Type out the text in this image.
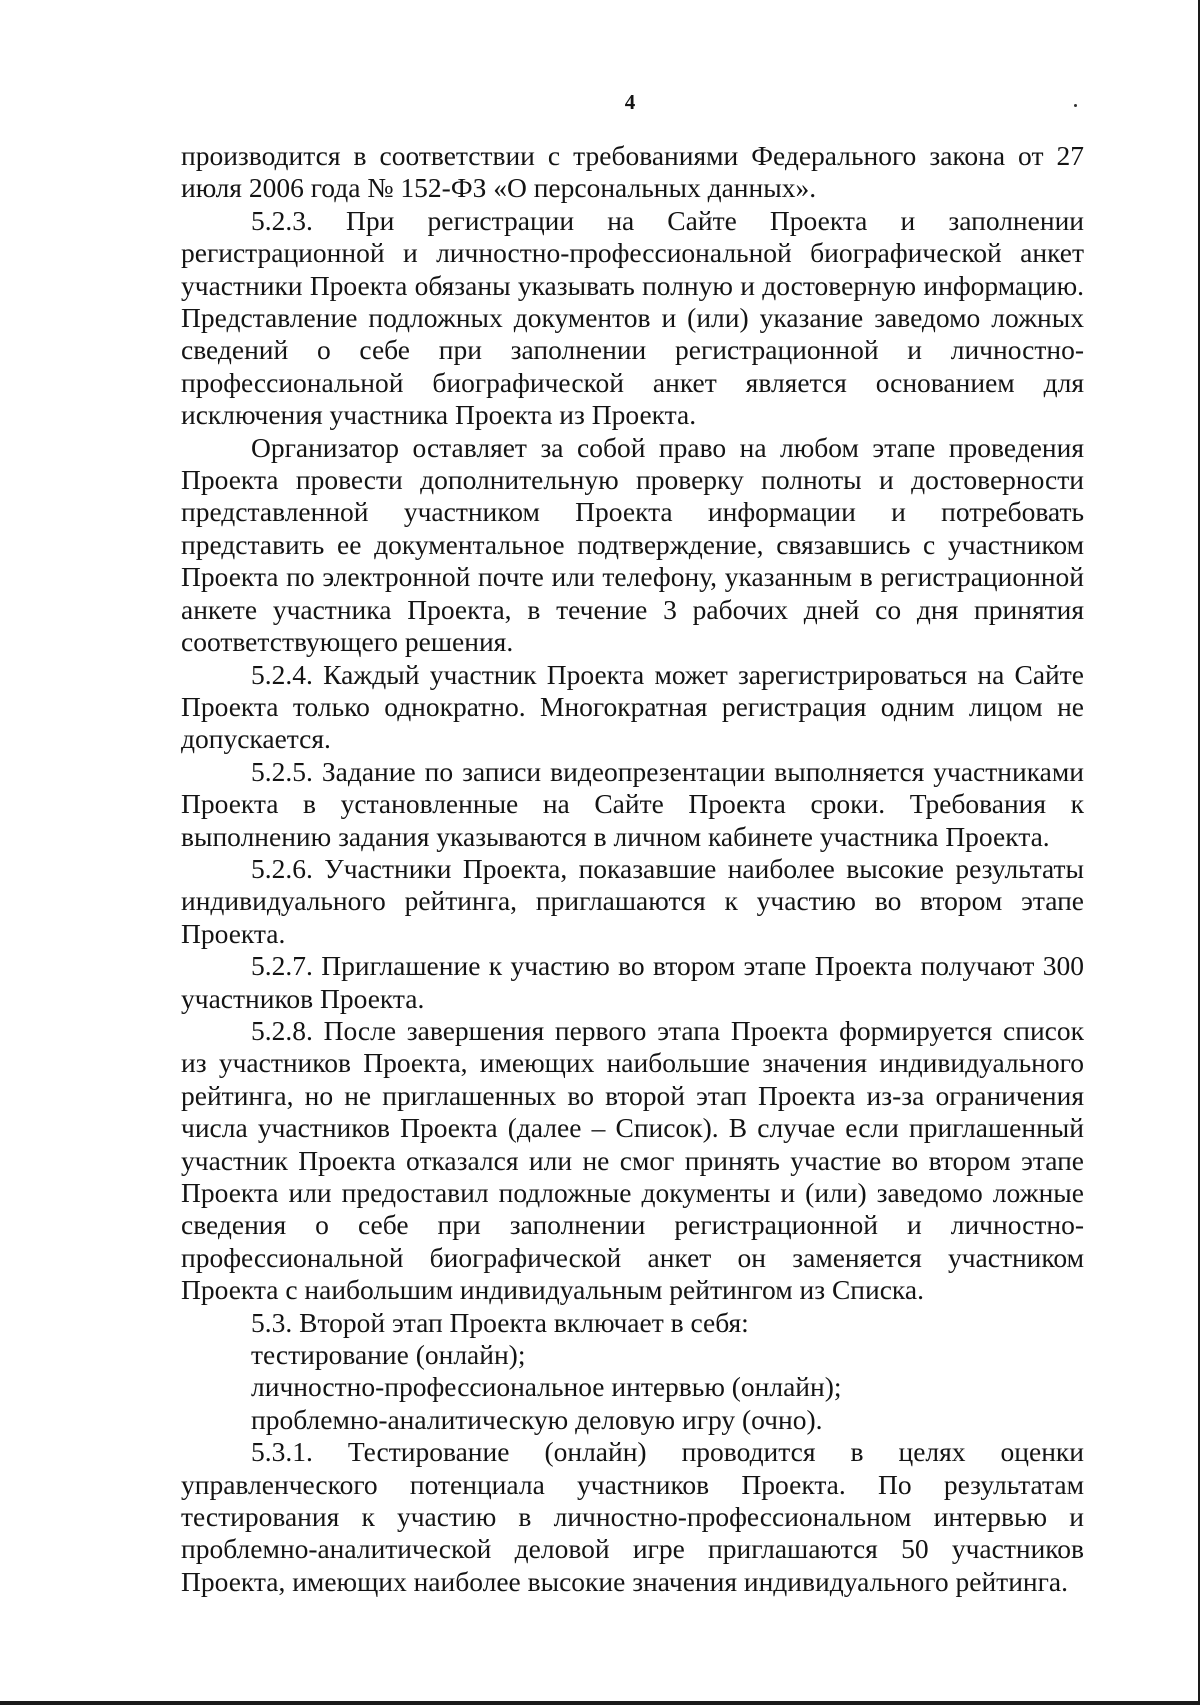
4

производится в соответствии с требованиями Федерального закона от 27 июля 2006 года № 152-ФЗ «О персональных данных».

5.2.3. При регистрации на Сайте Проекта и заполнении регистрационной и личностно-профессиональной биографической анкет участники Проекта обязаны указывать полную и достоверную информацию. Представление подложных документов и (или) указание заведомо ложных сведений о себе при заполнении регистрационной и личностно-профессиональной биографической анкет является основанием для исключения участника Проекта из Проекта.

Организатор оставляет за собой право на любом этапе проведения Проекта провести дополнительную проверку полноты и достоверности представленной участником Проекта информации и потребовать представить ее документальное подтверждение, связавшись с участником Проекта по электронной почте или телефону, указанным в регистрационной анкете участника Проекта, в течение 3 рабочих дней со дня принятия соответствующего решения.

5.2.4. Каждый участник Проекта может зарегистрироваться на Сайте Проекта только однократно. Многократная регистрация одним лицом не допускается.

5.2.5. Задание по записи видеопрезентации выполняется участниками Проекта в установленные на Сайте Проекта сроки. Требования к выполнению задания указываются в личном кабинете участника Проекта.

5.2.6. Участники Проекта, показавшие наиболее высокие результаты индивидуального рейтинга, приглашаются к участию во втором этапе Проекта.

5.2.7. Приглашение к участию во втором этапе Проекта получают 300 участников Проекта.

5.2.8. После завершения первого этапа Проекта формируется список из участников Проекта, имеющих наибольшие значения индивидуального рейтинга, но не приглашенных во второй этап Проекта из-за ограничения числа участников Проекта (далее – Список). В случае если приглашенный участник Проекта отказался или не смог принять участие во втором этапе Проекта или предоставил подложные документы и (или) заведомо ложные сведения о себе при заполнении регистрационной и личностно-профессиональной биографической анкет он заменяется участником Проекта с наибольшим индивидуальным рейтингом из Списка.

5.3. Второй этап Проекта включает в себя:

тестирование (онлайн);

личностно-профессиональное интервью (онлайн);

проблемно-аналитическую деловую игру (очно).

5.3.1. Тестирование (онлайн) проводится в целях оценки управленческого потенциала участников Проекта. По результатам тестирования к участию в личностно-профессиональном интервью и проблемно-аналитической деловой игре приглашаются 50 участников Проекта, имеющих наиболее высокие значения индивидуального рейтинга.
